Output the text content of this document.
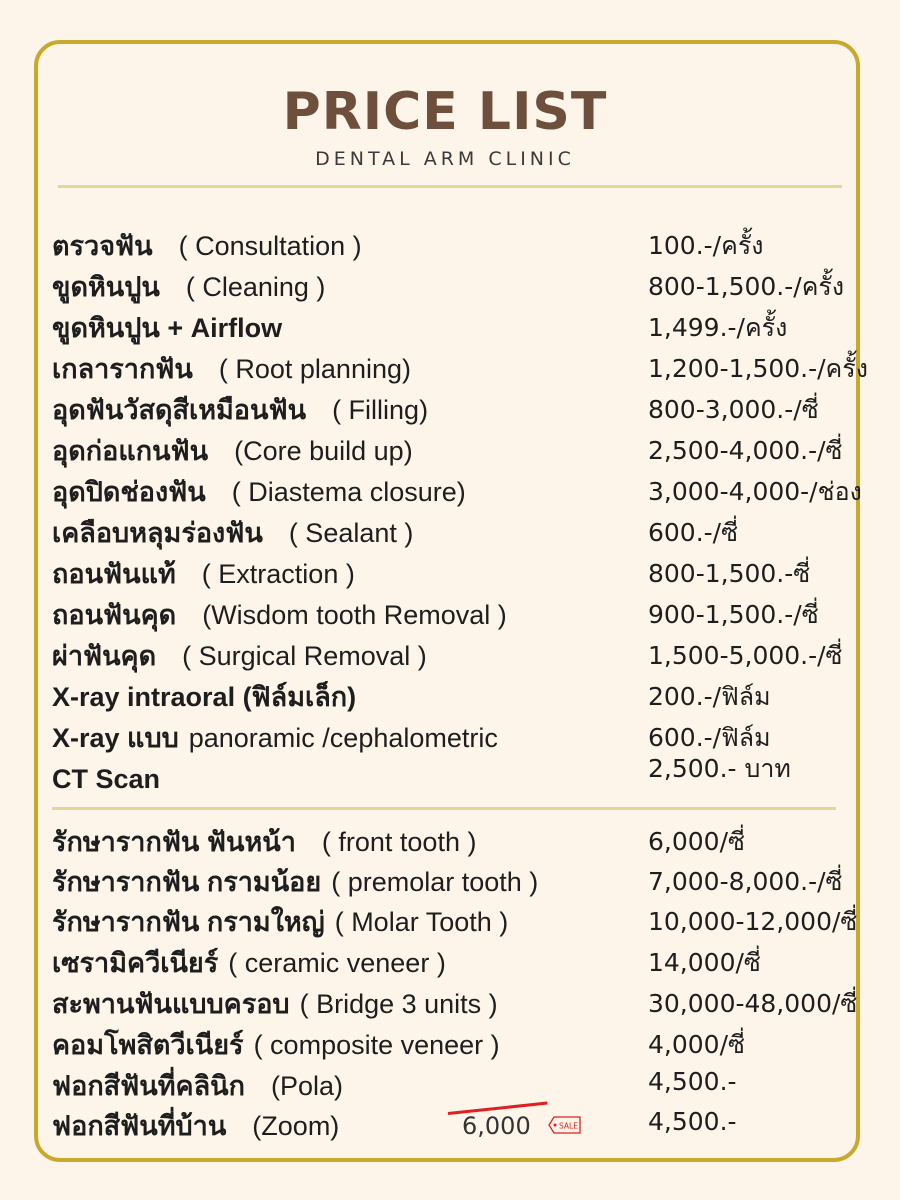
PRICE LIST
DENTAL ARM CLINIC
ตรวจฟัน ( Consultation )	100.-/ครั้ง
ขูดหินปูน ( Cleaning )	800-1,500.-/ครั้ง
ขูดหินปูน + Airflow	1,499.-/ครั้ง
เกลารากฟัน ( Root planning)	1,200-1,500.-/ครั้ง
อุดฟันวัสดุสีเหมือนฟัน ( Filling)	800-3,000.-/ซี่
อุดก่อแกนฟัน (Core build up)	2,500-4,000.-/ซี่
อุดปิดช่องฟัน ( Diastema closure)	3,000-4,000-/ช่อง
เคลือบหลุมร่องฟัน ( Sealant )	600.-/ซี่
ถอนฟันแท้ ( Extraction )	800-1,500.-ซี่
ถอนฟันคุด (Wisdom tooth Removal )	900-1,500.-/ซี่
ผ่าฟันคุด ( Surgical Removal )	1,500-5,000.-/ซี่
X-ray intraoral (ฟิล์มเล็ก)	200.-/ฟิล์ม
X-ray แบบ panoramic /cephalometric	600.-/ฟิล์ม
CT Scan	2,500.- บาท
รักษารากฟัน ฟันหน้า ( front tooth )	6,000/ซี่
รักษารากฟัน กรามน้อย ( premolar tooth )	7,000-8,000.-/ซี่
รักษารากฟัน กรามใหญ่ ( Molar Tooth )	10,000-12,000/ซี่
เซรามิควีเนียร์ ( ceramic veneer )	14,000/ซี่
สะพานฟันแบบครอบ ( Bridge 3 units )	30,000-48,000/ซี่
คอมโพสิตวีเนียร์ ( composite veneer )	4,000/ซี่
ฟอกสีฟันที่คลินิก (Pola)	4,500.-
ฟอกสีฟันที่บ้าน (Zoom)	6,000	4,500.-
SALE
